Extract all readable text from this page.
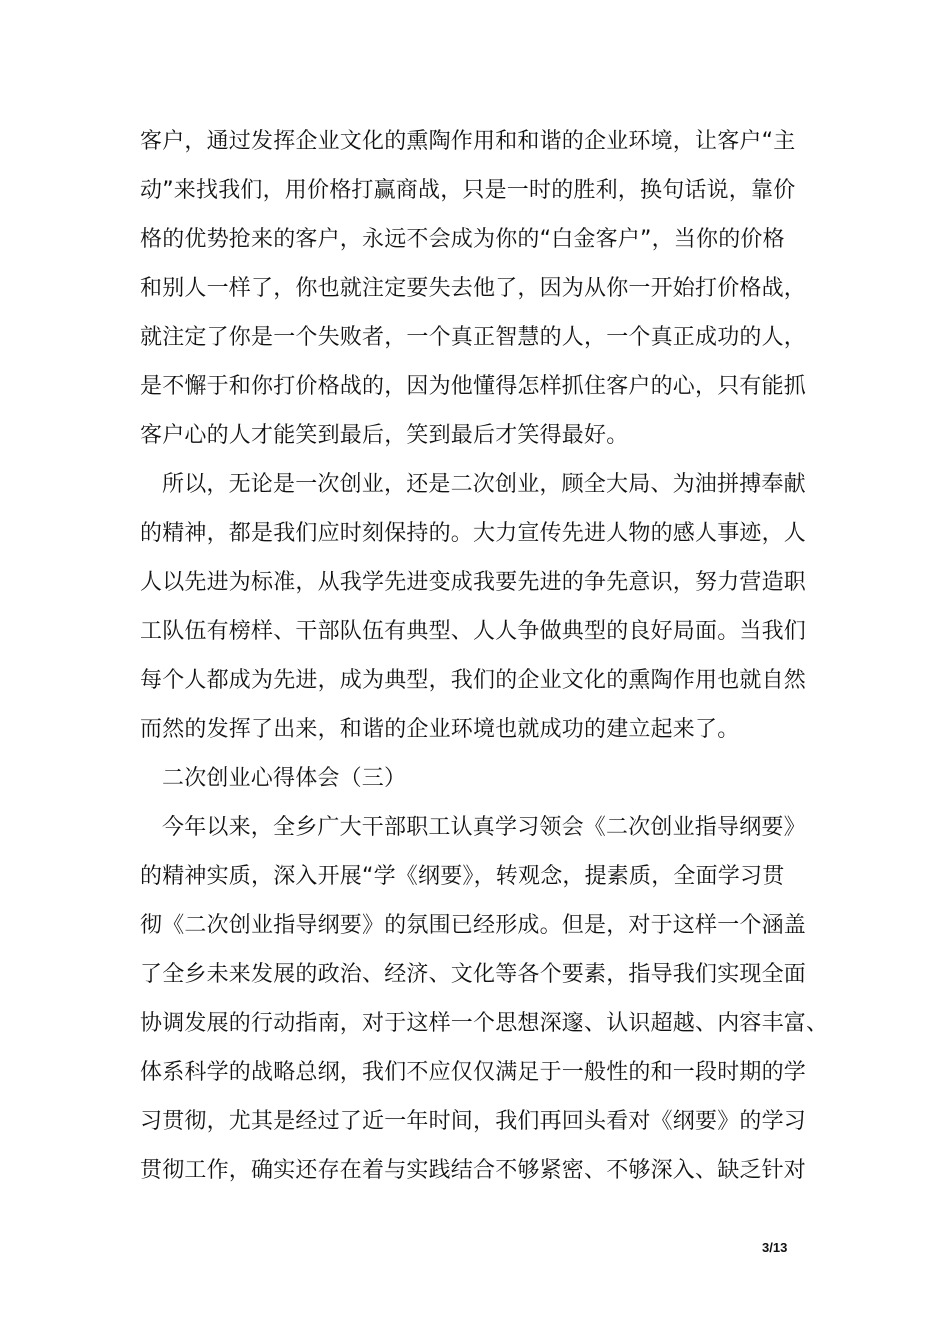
客户，通过发挥企业文化的熏陶作用和和谐的企业环境，让客户“主
动”来找我们，用价格打赢商战，只是一时的胜利，换句话说，靠价
格的优势抢来的客户，永远不会成为你的“白金客户”，当你的价格
和别人一样了，你也就注定要失去他了，因为从你一开始打价格战，
就注定了你是一个失败者，一个真正智慧的人，一个真正成功的人，
是不懈于和你打价格战的，因为他懂得怎样抓住客户的心，只有能抓
客户心的人才能笑到最后，笑到最后才笑得最好。
所以，无论是一次创业，还是二次创业，顾全大局、为油拼搏奉献
的精神，都是我们应时刻保持的。大力宣传先进人物的感人事迹，人
人以先进为标准，从我学先进变成我要先进的争先意识，努力营造职
工队伍有榜样、干部队伍有典型、人人争做典型的良好局面。当我们
每个人都成为先进，成为典型，我们的企业文化的熏陶作用也就自然
而然的发挥了出来，和谐的企业环境也就成功的建立起来了。
二次创业心得体会（三）
今年以来，全乡广大干部职工认真学习领会《二次创业指导纲要》
的精神实质，深入开展“学《纲要》，转观念，提素质，全面学习贯
彻《二次创业指导纲要》的氛围已经形成。但是，对于这样一个涵盖
了全乡未来发展的政治、经济、文化等各个要素，指导我们实现全面
协调发展的行动指南，对于这样一个思想深邃、认识超越、内容丰富、
体系科学的战略总纲，我们不应仅仅满足于一般性的和一段时期的学
习贯彻，尤其是经过了近一年时间，我们再回头看对《纲要》的学习
贯彻工作，确实还存在着与实践结合不够紧密、不够深入、缺乏针对
3/13
